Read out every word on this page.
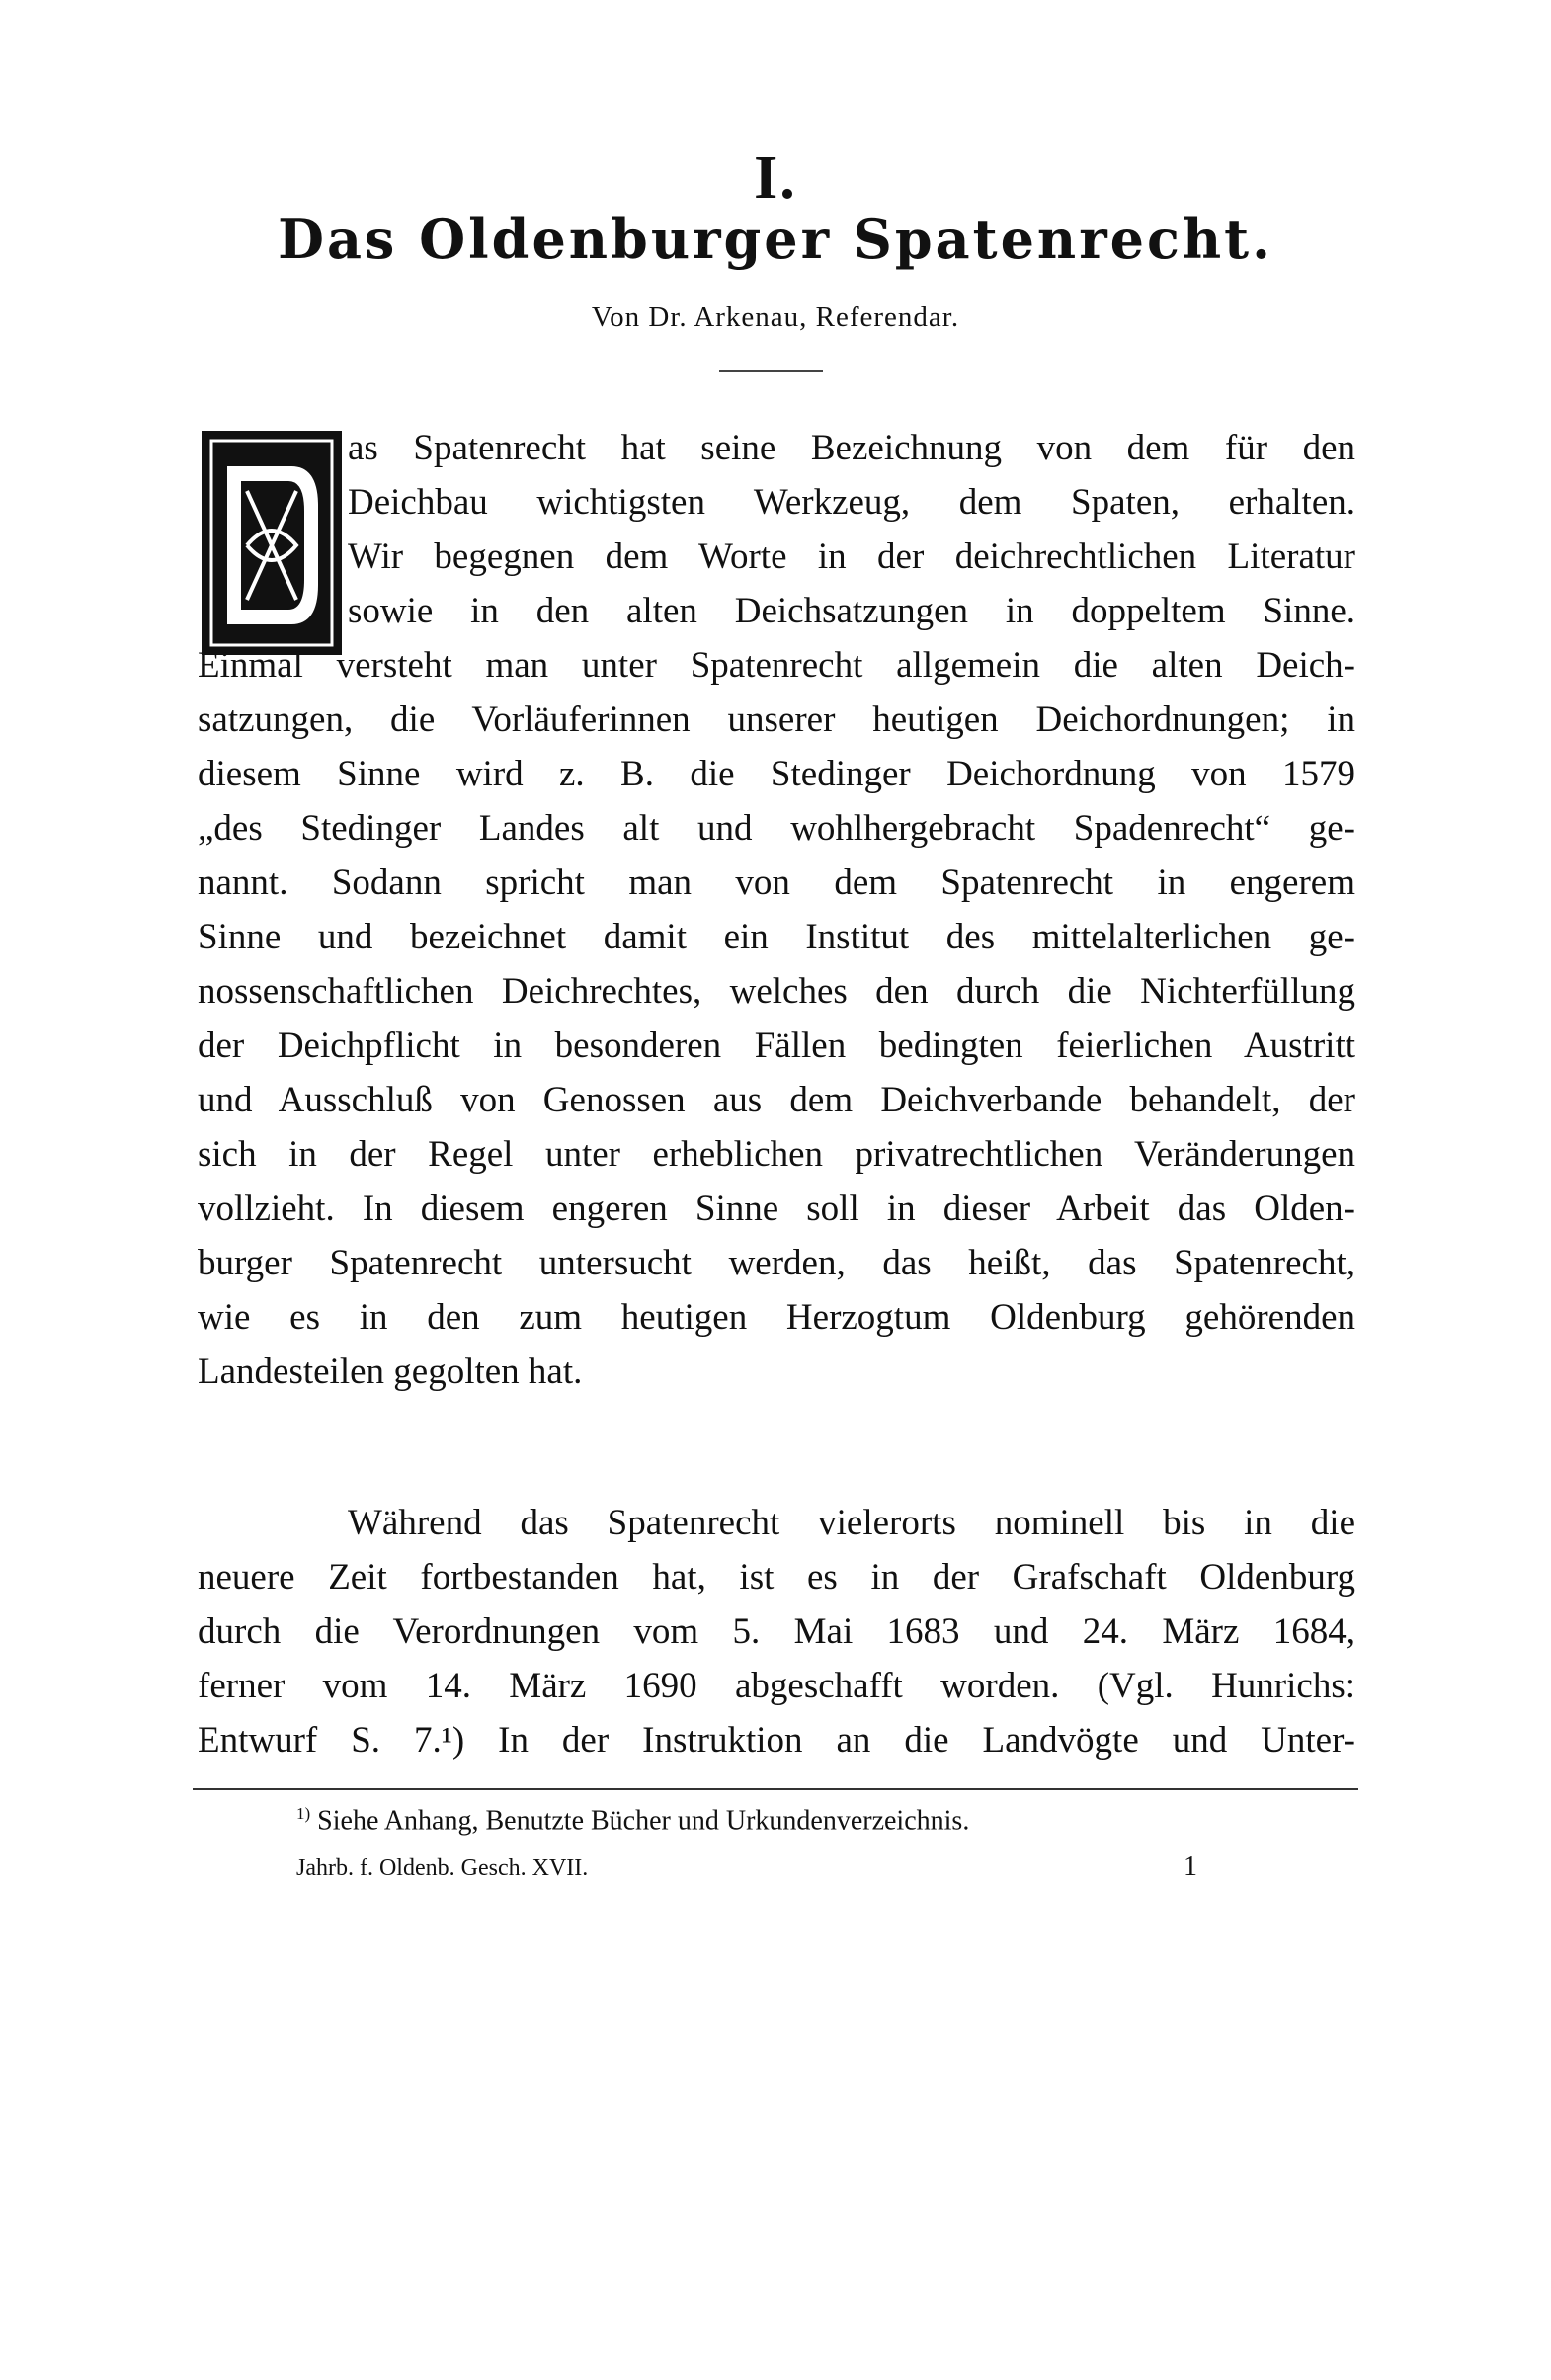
I.
Das Oldenburger Spatenrecht.
Von Dr. Arkenau, Referendar.
as Spatenrecht hat seine Bezeichnung von dem für den
Deichbau wichtigsten Werkzeug, dem Spaten, erhalten.
Wir begegnen dem Worte in der deichrechtlichen Literatur
sowie in den alten Deichsatzungen in doppeltem Sinne.
Einmal versteht man unter Spatenrecht allgemein die alten Deich-
satzungen, die Vorläuferinnen unserer heutigen Deichordnungen; in
diesem Sinne wird z. B. die Stedinger Deichordnung von 1579
„des Stedinger Landes alt und wohlhergebracht Spadenrecht“ ge-
nannt. Sodann spricht man von dem Spatenrecht in engerem
Sinne und bezeichnet damit ein Institut des mittelalterlichen ge-
nossenschaftlichen Deichrechtes, welches den durch die Nichterfüllung
der Deichpflicht in besonderen Fällen bedingten feierlichen Austritt
und Ausschluß von Genossen aus dem Deichverbande behandelt, der
sich in der Regel unter erheblichen privatrechtlichen Veränderungen
vollzieht. In diesem engeren Sinne soll in dieser Arbeit das Olden-
burger Spatenrecht untersucht werden, das heißt, das Spatenrecht,
wie es in den zum heutigen Herzogtum Oldenburg gehörenden
Landesteilen gegolten hat.
Während das Spatenrecht vielerorts nominell bis in die
neuere Zeit fortbestanden hat, ist es in der Grafschaft Oldenburg
durch die Verordnungen vom 5. Mai 1683 und 24. März 1684,
ferner vom 14. März 1690 abgeschafft worden. (Vgl. Hunrichs:
Entwurf S. 7.¹) In der Instruktion an die Landvögte und Unter-
$^{1)}$ Siehe Anhang, Benutzte Bücher und Urkundenverzeichnis.
Jahrb. f. Oldenb. Gesch. XVII.	1
